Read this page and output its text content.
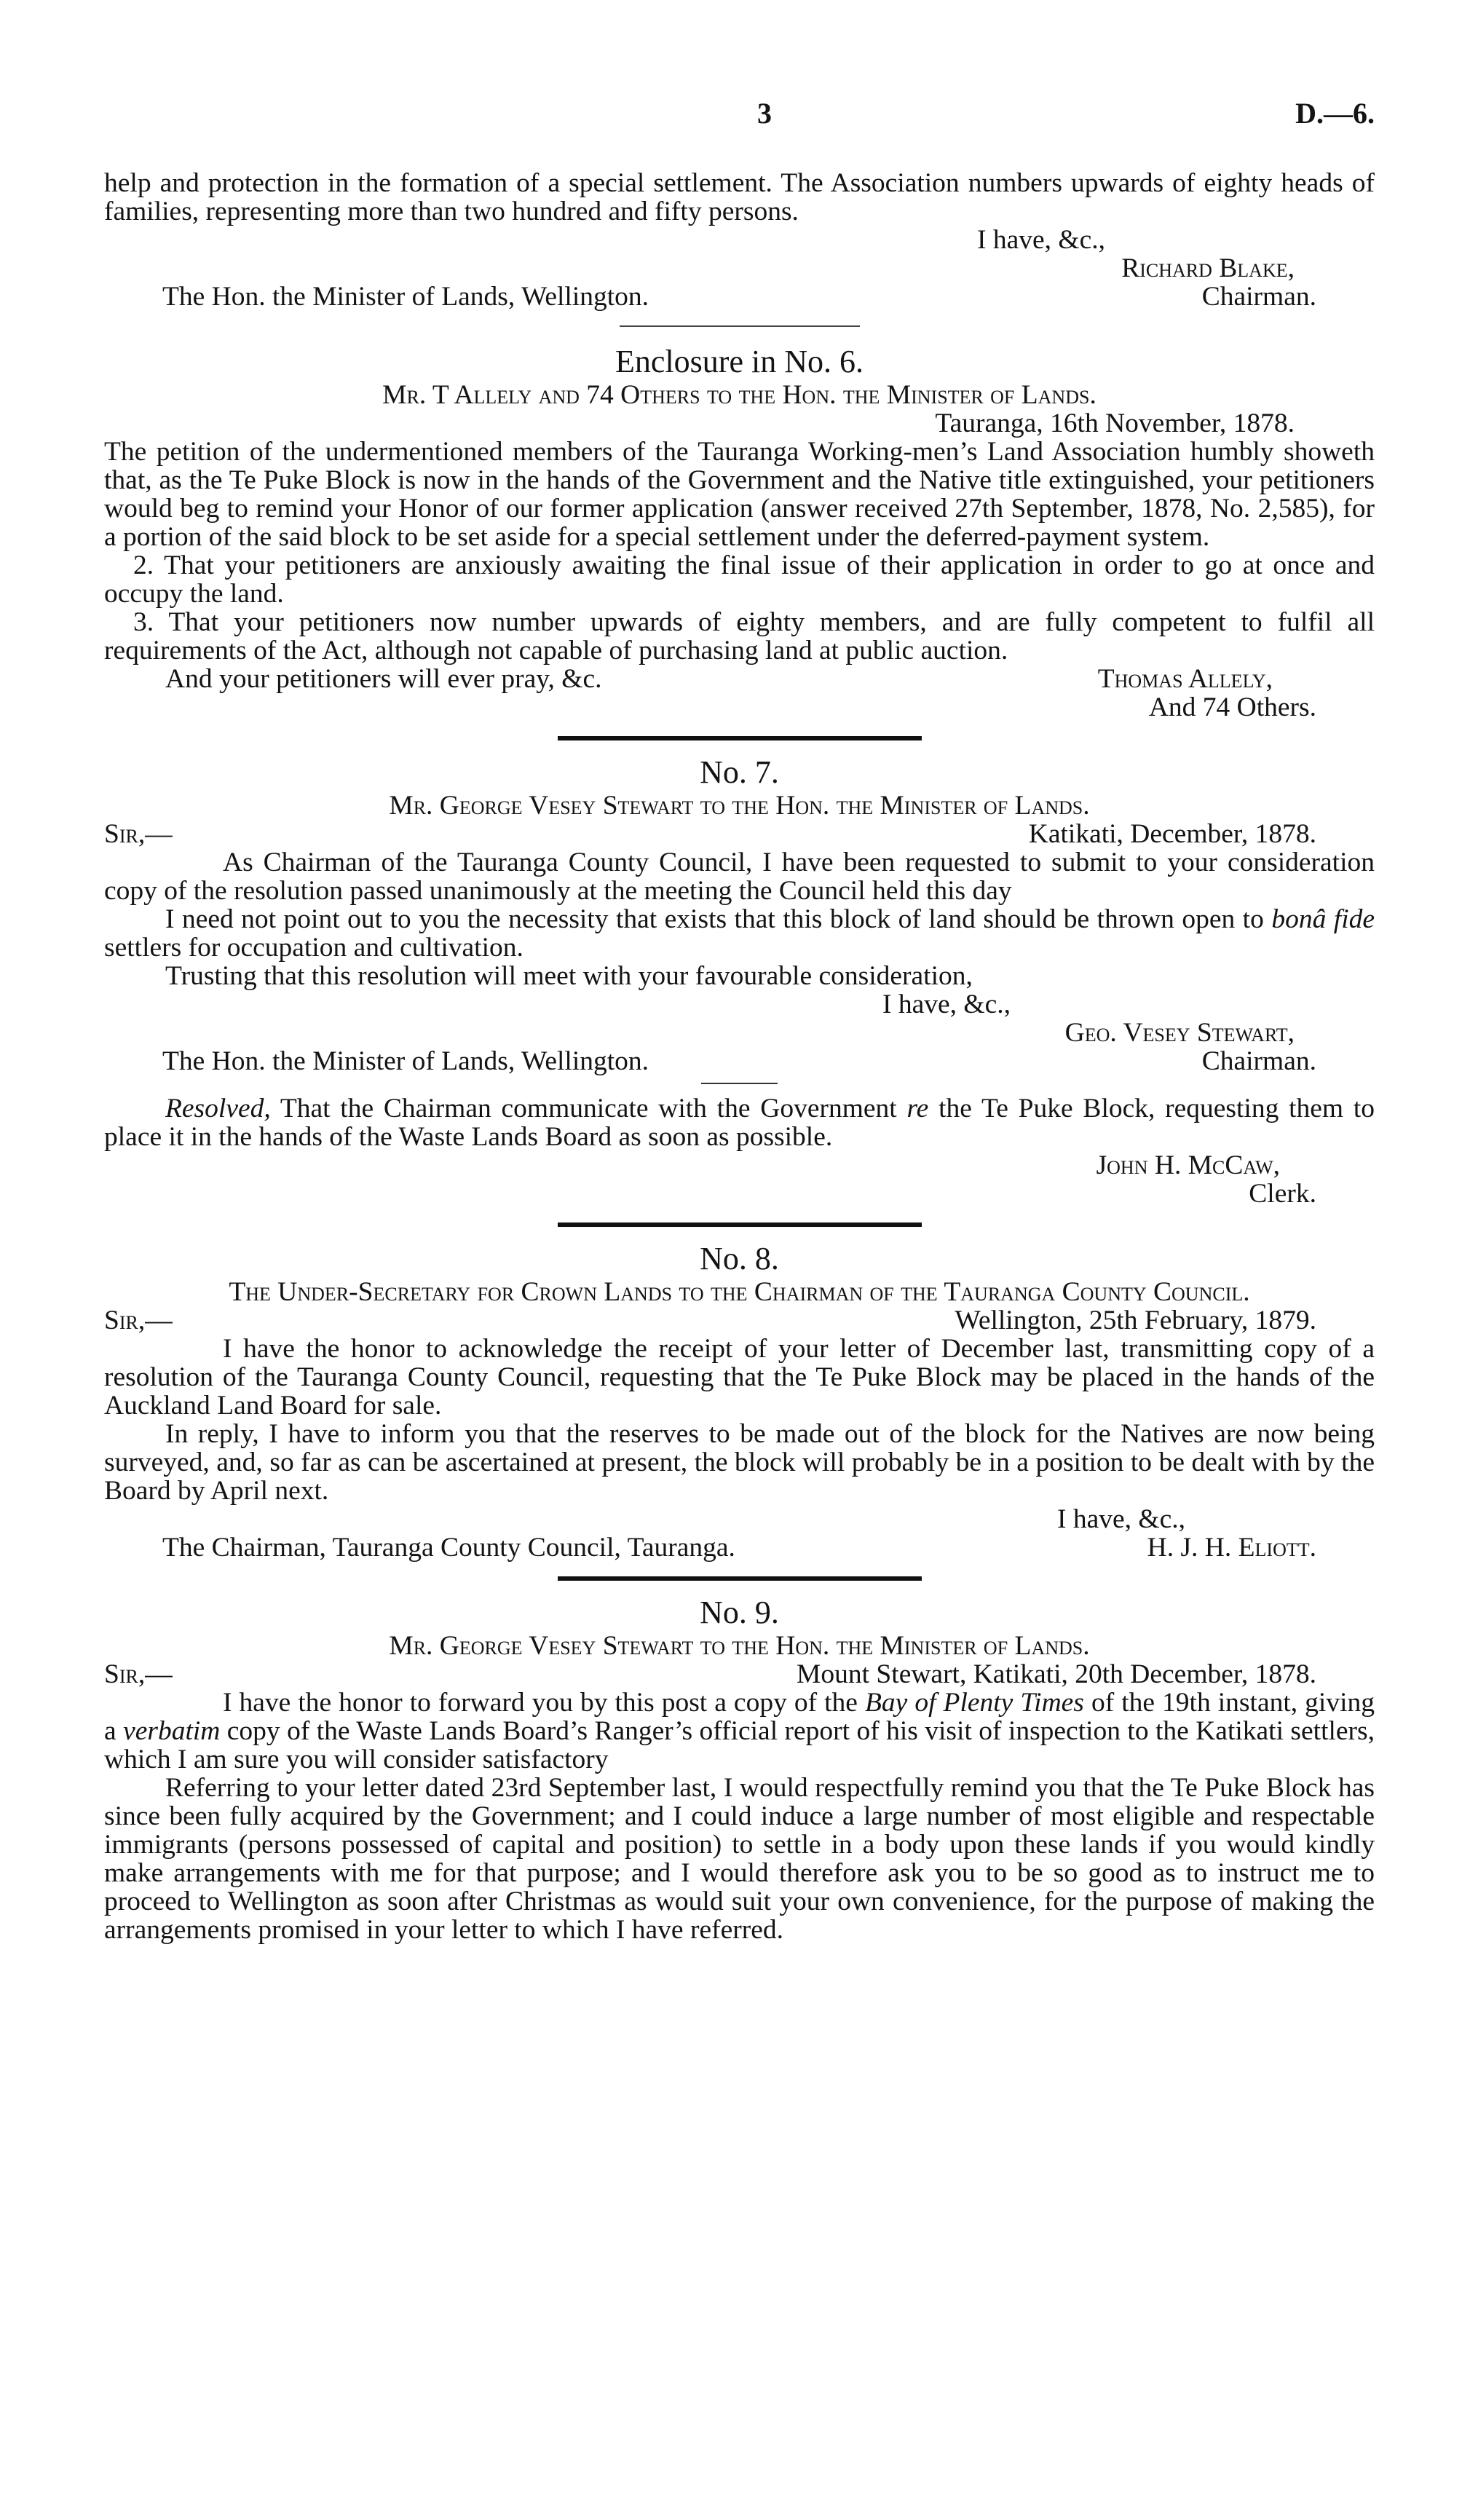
3	D.—6.

help and protection in the formation of a special settlement. The Association numbers upwards of eighty heads of families, representing more than two hundred and fifty persons.

I have, &c.,
Richard Blake,
The Hon. the Minister of Lands, Wellington.	Chairman.
Enclosure in No. 6.
Mr. T Allely and 74 Others to the Hon. the Minister of Lands.
Tauranga, 16th November, 1878.

The petition of the undermentioned members of the Tauranga Working-men’s Land Association humbly showeth that, as the Te Puke Block is now in the hands of the Government and the Native title extinguished, your petitioners would beg to remind your Honor of our former application (answer received 27th September, 1878, No. 2,585), for a portion of the said block to be set aside for a special settlement under the deferred-payment system.

2. That your petitioners are anxiously awaiting the final issue of their application in order to go at once and occupy the land.

3. That your petitioners now number upwards of eighty members, and are fully competent to fulfil all requirements of the Act, although not capable of purchasing land at public auction.

And your petitioners will ever pray, &c.	Thomas Allely,
And 74 Others.
No. 7.
Mr. George Vesey Stewart to the Hon. the Minister of Lands.
Sir,—	Katikati, December, 1878.

As Chairman of the Tauranga County Council, I have been requested to submit to your consideration copy of the resolution passed unanimously at the meeting the Council held this day

I need not point out to you the necessity that exists that this block of land should be thrown open to bonâ fide settlers for occupation and cultivation.

Trusting that this resolution will meet with your favourable consideration,

I have, &c.,
Geo. Vesey Stewart,
The Hon. the Minister of Lands, Wellington.	Chairman.

Resolved, That the Chairman communicate with the Government re the Te Puke Block, requesting them to place it in the hands of the Waste Lands Board as soon as possible.

John H. McCaw,
Clerk.
No. 8.

The Under-Secretary for Crown Lands to the Chairman of the Tauranga County Council.

Sir,—	Wellington, 25th February, 1879.

I have the honor to acknowledge the receipt of your letter of December last, transmitting copy of a resolution of the Tauranga County Council, requesting that the Te Puke Block may be placed in the hands of the Auckland Land Board for sale.

In reply, I have to inform you that the reserves to be made out of the block for the Natives are now being surveyed, and, so far as can be ascertained at present, the block will probably be in a position to be dealt with by the Board by April next.

I have, &c.,
The Chairman, Tauranga County Council, Tauranga.	H. J. H. Eliott.
No. 9.
Mr. George Vesey Stewart to the Hon. the Minister of Lands.
Sir,—	Mount Stewart, Katikati, 20th December, 1878.

I have the honor to forward you by this post a copy of the Bay of Plenty Times of the 19th instant, giving a verbatim copy of the Waste Lands Board’s Ranger’s official report of his visit of inspection to the Katikati settlers, which I am sure you will consider satisfactory

Referring to your letter dated 23rd September last, I would respectfully remind you that the Te Puke Block has since been fully acquired by the Government; and I could induce a large number of most eligible and respectable immigrants (persons possessed of capital and position) to settle in a body upon these lands if you would kindly make arrangements with me for that purpose; and I would therefore ask you to be so good as to instruct me to proceed to Wellington as soon after Christmas as would suit your own convenience, for the purpose of making the arrangements promised in your letter to which I have referred.
